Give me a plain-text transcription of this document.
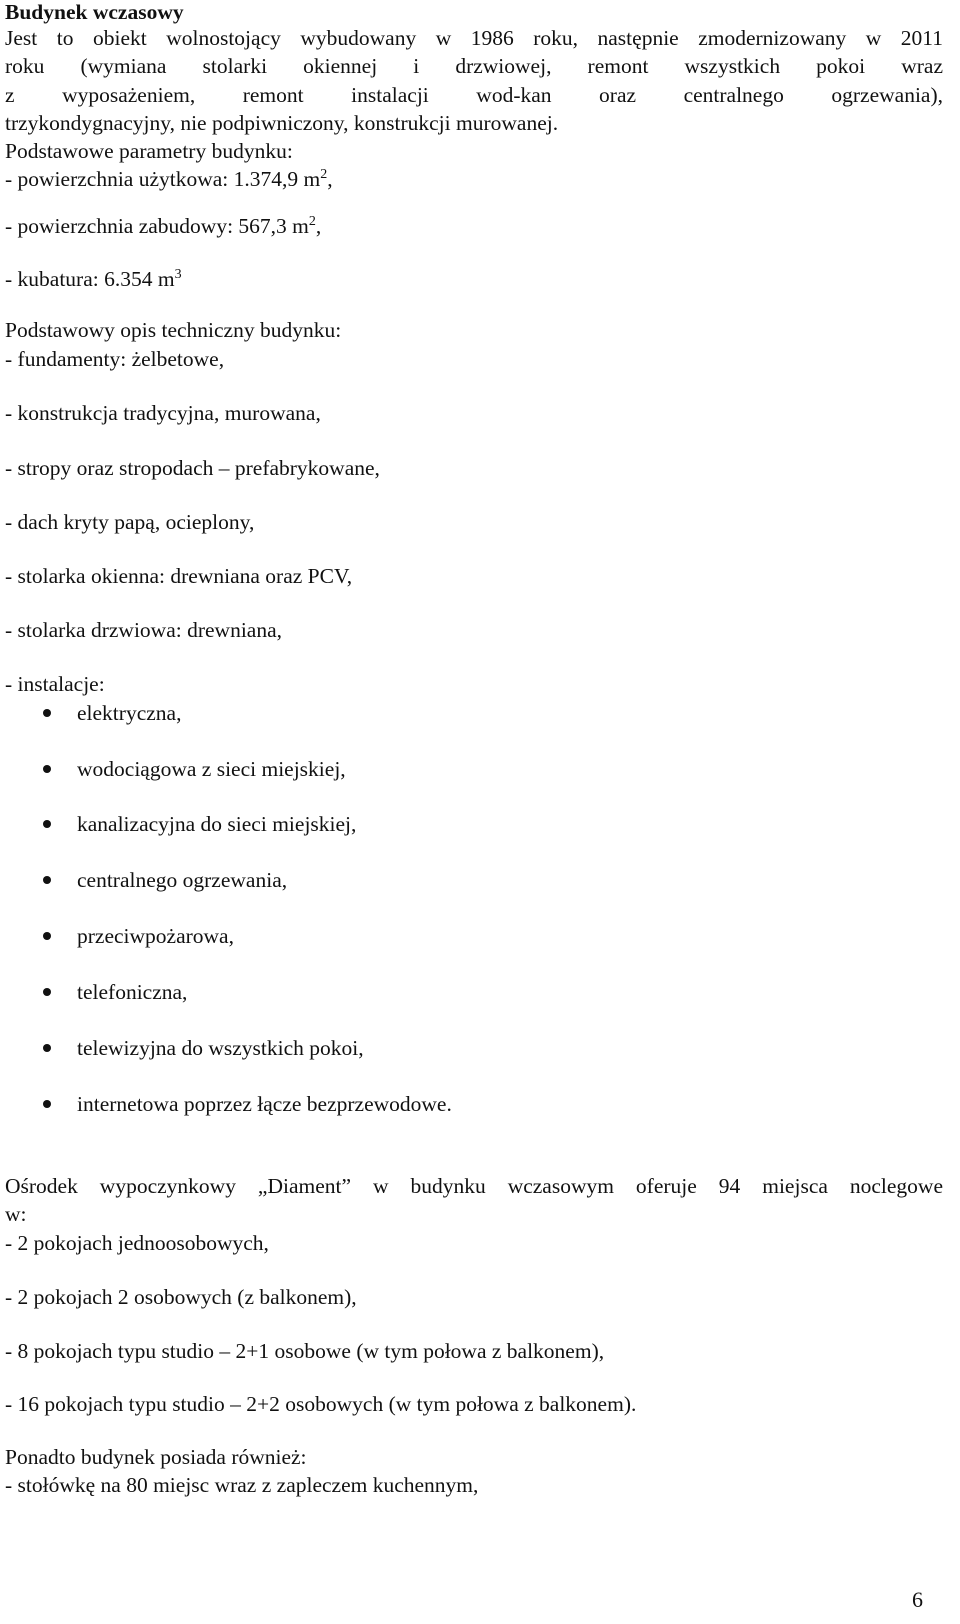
Budynek wczasowy
Jest to obiekt wolnostojący wybudowany w 1986 roku, następnie zmodernizowany w 2011
roku (wymiana stolarki okiennej i drzwiowej, remont wszystkich pokoi wraz
z wyposażeniem, remont instalacji wod-kan oraz centralnego ogrzewania),
trzykondygnacyjny, nie podpiwniczony, konstrukcji murowanej.
Podstawowe parametry budynku:
- powierzchnia użytkowa: 1.374,9 $m^2$,
- powierzchnia zabudowy: 567,3 $m^2$,
- kubatura: 6.354 $m^3$
Podstawowy opis techniczny budynku:
- fundamenty: żelbetowe,
- konstrukcja tradycyjna, murowana,
- stropy oraz stropodach – prefabrykowane,
- dach kryty papą, ocieplony,
- stolarka okienna: drewniana oraz PCV,
- stolarka drzwiowa: drewniana,
- instalacje:
elektryczna,
wodociągowa z sieci miejskiej,
kanalizacyjna do sieci miejskiej,
centralnego ogrzewania,
przeciwpożarowa,
telefoniczna,
telewizyjna do wszystkich pokoi,
internetowa poprzez łącze bezprzewodowe.
Ośrodek wypoczynkowy „Diament” w budynku wczasowym oferuje 94 miejsca noclegowe
w:
- 2 pokojach jednoosobowych,
- 2 pokojach 2 osobowych (z balkonem),
- 8 pokojach typu studio – 2+1 osobowe (w tym połowa z balkonem),
- 16 pokojach typu studio – 2+2 osobowych (w tym połowa z balkonem).
Ponadto budynek posiada również:
- stołówkę na 80 miejsc wraz z zapleczem kuchennym,
6
